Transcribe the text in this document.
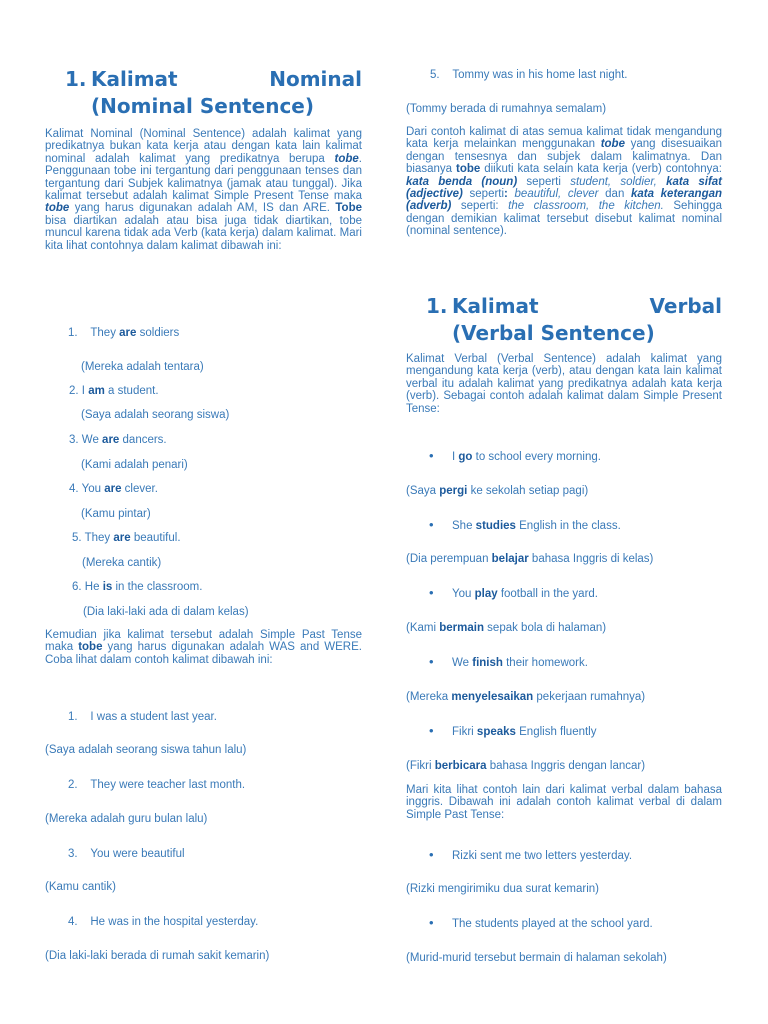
1. Kalimat	Nominal
(Nominal Sentence)

Kalimat Nominal (Nominal Sentence) adalah kalimat yang predikatnya bukan kata kerja atau dengan kata lain kalimat nominal adalah kalimat yang predikatnya berupa tobe. Penggunaan tobe ini tergantung dari penggunaan tenses dan tergantung dari Subjek kalimatnya (jamak atau tunggal). Jika kalimat tersebut adalah kalimat Simple Present Tense maka tobe yang harus digunakan adalah AM, IS dan ARE. Tobe bisa diartikan adalah atau bisa juga tidak diartikan, tobe muncul karena tidak ada Verb (kata kerja) dalam kalimat. Mari kita lihat contohnya dalam kalimat dibawah ini:

1. They are soldiers
(Mereka adalah tentara)
2. I am a student.
(Saya adalah seorang siswa)
3. We are dancers.
(Kami adalah penari)
4. You are clever.
(Kamu pintar)
5. They are beautiful.
(Mereka cantik)
6. He is in the classroom.
(Dia laki-laki ada di dalam kelas)

Kemudian jika kalimat tersebut adalah Simple Past Tense maka tobe yang harus digunakan adalah WAS and WERE. Coba lihat dalam contoh kalimat dibawah ini:

1. I was a student last year.
(Saya adalah seorang siswa tahun lalu)
2. They were teacher last month.
(Mereka adalah guru bulan lalu)
3. You were beautiful
(Kamu cantik)
4. He was in the hospital yesterday.
(Dia laki-laki berada di rumah sakit kemarin)
5. Tommy was in his home last night.
(Tommy berada di rumahnya semalam)

Dari contoh kalimat di atas semua kalimat tidak mengandung kata kerja melainkan menggunakan tobe yang disesuaikan dengan tensesnya dan subjek dalam kalimatnya. Dan biasanya tobe diikuti kata selain kata kerja (verb) contohnya: kata benda (noun) seperti student, soldier, kata sifat (adjective) seperti: beautiful, clever dan kata keterangan (adverb) seperti: the classroom, the kitchen. Sehingga dengan demikian kalimat tersebut disebut kalimat nominal (nominal sentence).

1. Kalimat	Verbal
(Verbal Sentence)

Kalimat Verbal (Verbal Sentence) adalah kalimat yang mengandung kata kerja (verb), atau dengan kata lain kalimat verbal itu adalah kalimat yang predikatnya adalah kata kerja (verb). Sebagai contoh adalah kalimat dalam Simple Present Tense:

• I go to school every morning.
(Saya pergi ke sekolah setiap pagi)
• She studies English in the class.
(Dia perempuan belajar bahasa Inggris di kelas)
• You play football in the yard.
(Kami bermain sepak bola di halaman)
• We finish their homework.
(Mereka menyelesaikan pekerjaan rumahnya)
• Fikri speaks English fluently
(Fikri berbicara bahasa Inggris dengan lancar)

Mari kita lihat contoh lain dari kalimat verbal dalam bahasa inggris. Dibawah ini adalah contoh kalimat verbal di dalam Simple Past Tense:

• Rizki sent me two letters yesterday.
(Rizki mengirimiku dua surat kemarin)
• The students played at the school yard.
(Murid-murid tersebut bermain di halaman sekolah)
